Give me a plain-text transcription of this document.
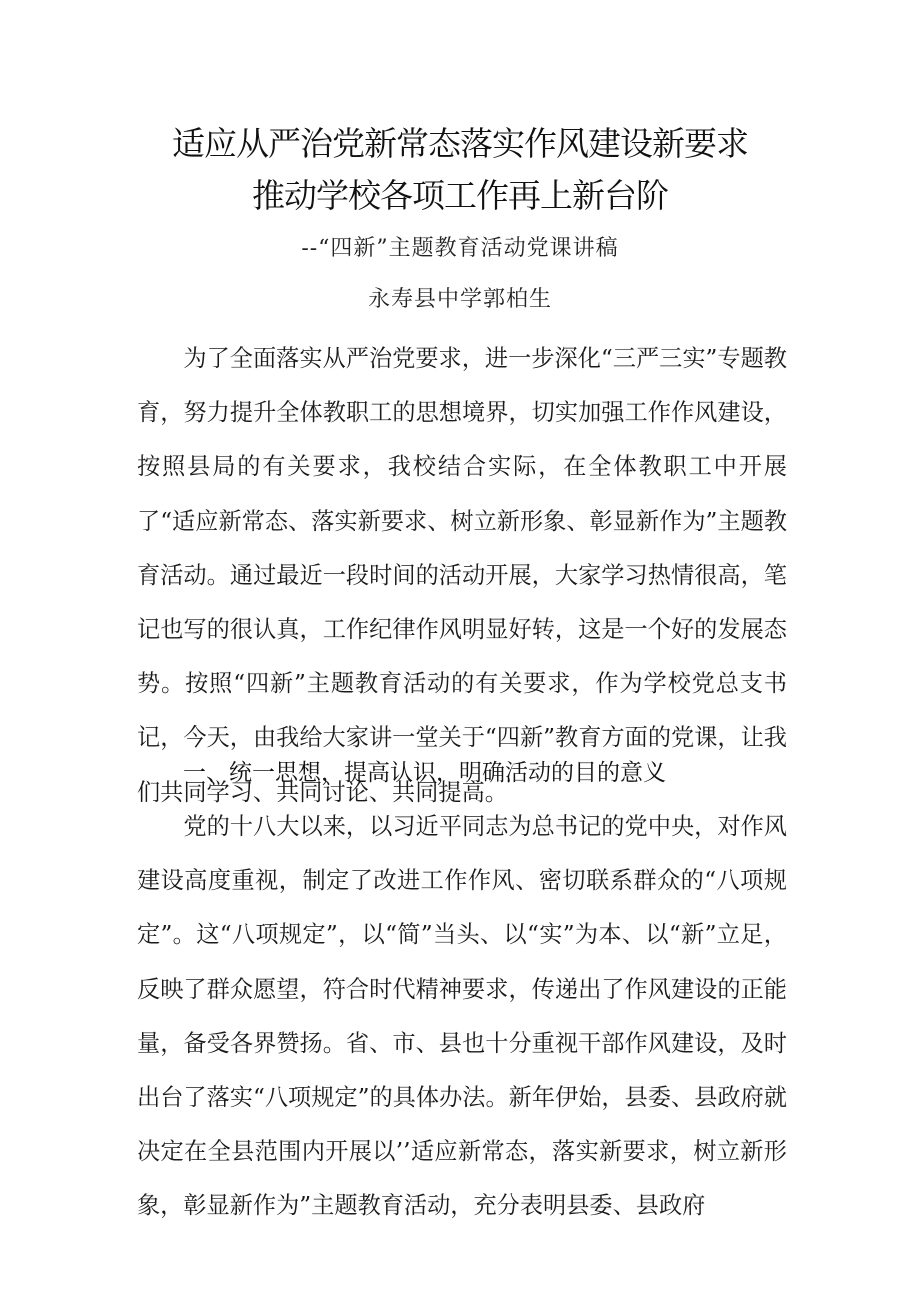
适应从严治党新常态落实作风建设新要求
推动学校各项工作再上新台阶
--“四新”主题教育活动党课讲稿
永寿县中学郭柏生

为了全面落实从严治党要求，进一步深化“三严三实”专题教育，努力提升全体教职工的思想境界，切实加强工作作风建设，按照县局的有关要求，我校结合实际，在全体教职工中开展了“适应新常态、落实新要求、树立新形象、彰显新作为”主题教育活动。通过最近一段时间的活动开展，大家学习热情很高，笔记也写的很认真，工作纪律作风明显好转，这是一个好的发展态势。按照“四新”主题教育活动的有关要求，作为学校党总支书记，今天，由我给大家讲一堂关于“四新”教育方面的党课，让我们共同学习、共同讨论、共同提高。

一、统一思想，提高认识，明确活动的目的意义

党的十八大以来，以习近平同志为总书记的党中央，对作风建设高度重视，制定了改进工作作风、密切联系群众的“八项规定”。这“八项规定”，以“简”当头、以“实”为本、以“新”立足，反映了群众愿望，符合时代精神要求，传递出了作风建设的正能量，备受各界赞扬。省、市、县也十分重视干部作风建设，及时出台了落实“八项规定”的具体办法。新年伊始，县委、县政府就决定在全县范围内开展以’’适应新常态，落实新要求，树立新形象，彰显新作为”主题教育活动，充分表明县委、县政府
